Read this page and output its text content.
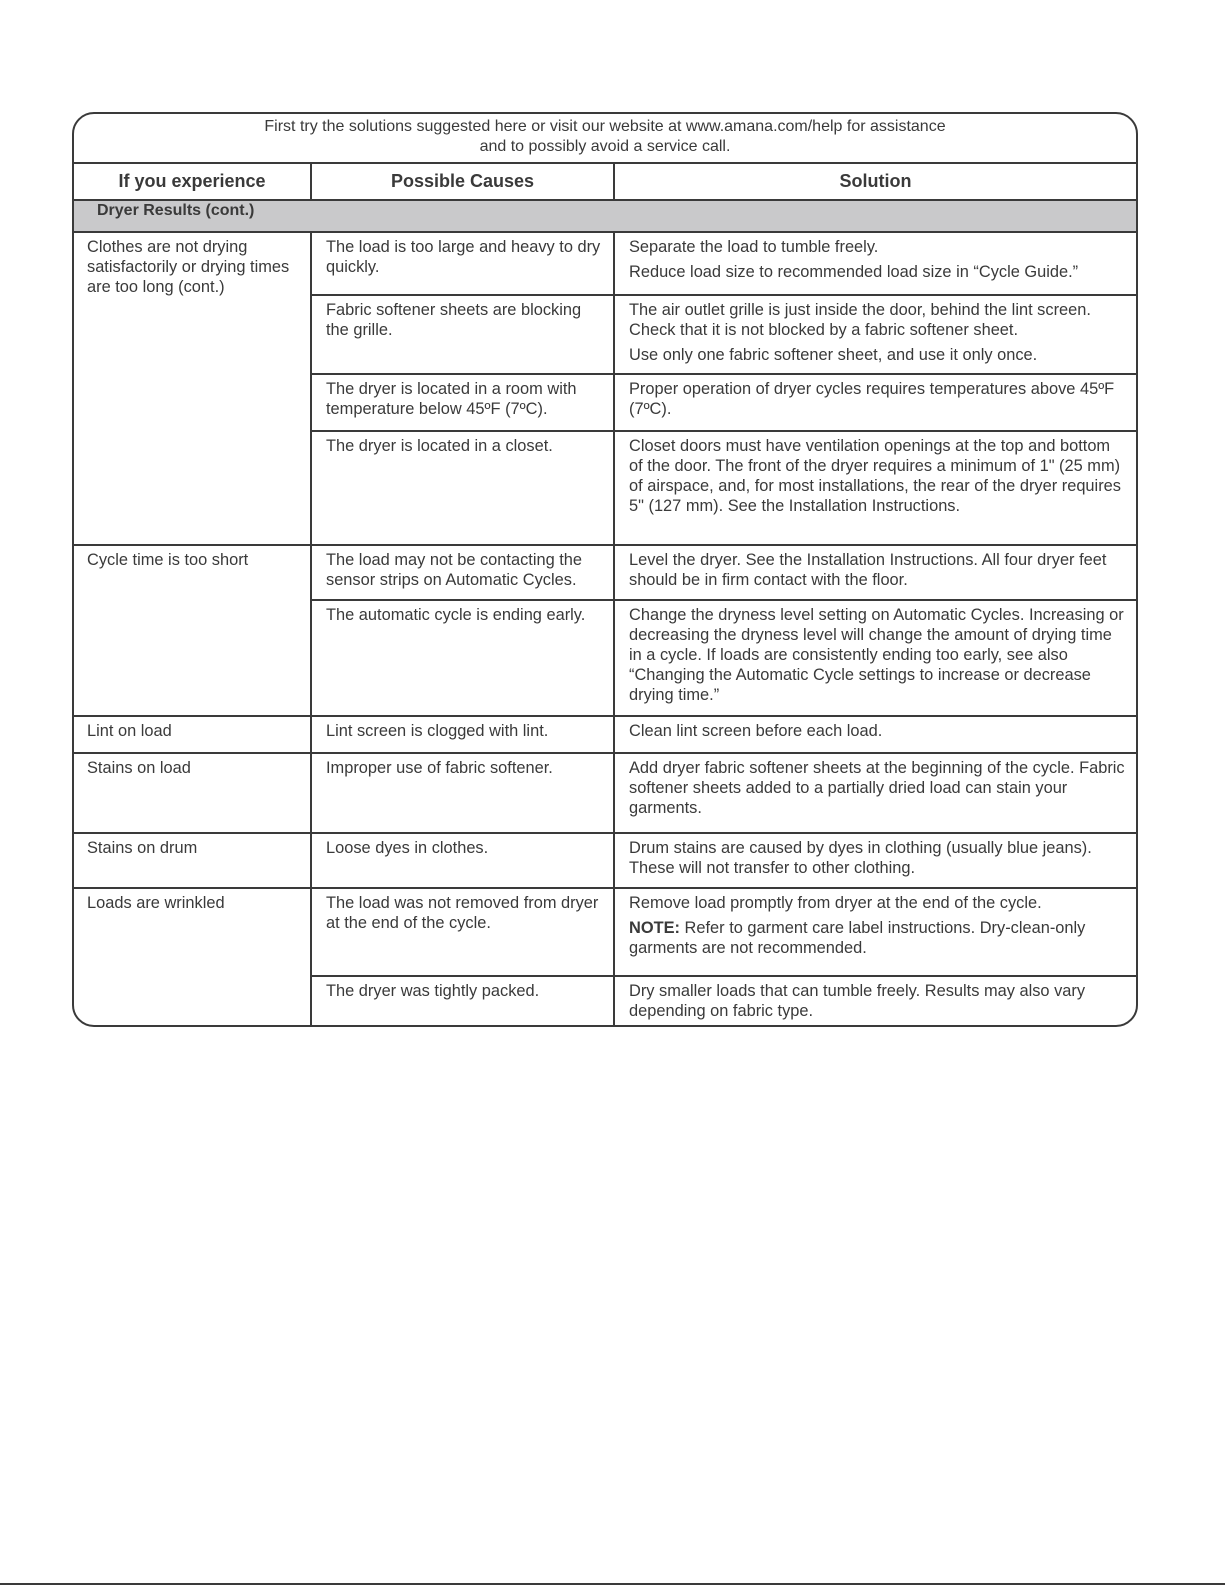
First try the solutions suggested here or visit our website at www.amana.com/help for assistance

and to possibly avoid a service call.

If you experience	Possible Causes	Solution
Dryer Results (cont.)		
Clothes are not drying satisfactorily or drying times are too long (cont.)	The load is too large and heavy to dry quickly.	Separate the load to tumble freely.

Reduce load size to recommended load size in “Cycle Guide.”

	Fabric softener sheets are blocking the grille.	The air outlet grille is just inside the door, behind the lint screen. Check that it is not blocked by a fabric softener sheet.

Use only one fabric softener sheet, and use it only once.

	The dryer is located in a room with temperature below 45ºF (7ºC).	Proper operation of dryer cycles requires temperatures above 45ºF (7ºC).

	The dryer is located in a closet.	Closet doors must have ventilation openings at the top and bottom of the door. The front of the dryer requires a minimum of 1" (25 mm) of airspace, and, for most installations, the rear of the dryer requires 5" (127 mm). See the Installation Instructions.

Cycle time is too short	The load may not be contacting the sensor strips on Automatic Cycles.	Level the dryer. See the Installation Instructions. All four dryer feet should be in firm contact with the floor.

	The automatic cycle is ending early.	Change the dryness level setting on Automatic Cycles. Increasing or decreasing the dryness level will change the amount of drying time in a cycle. If loads are consistently ending too early, see also “Changing the Automatic Cycle settings to increase or decrease drying time.”

Lint on load	Lint screen is clogged with lint.	Clean lint screen before each load.

Stains on load	Improper use of fabric softener.	Add dryer fabric softener sheets at the beginning of the cycle. Fabric softener sheets added to a partially dried load can stain your garments.

Stains on drum	Loose dyes in clothes.	Drum stains are caused by dyes in clothing (usually blue jeans). These will not transfer to other clothing.

Loads are wrinkled	The load was not removed from dryer at the end of the cycle.	Remove load promptly from dryer at the end of the cycle.

NOTE: Refer to garment care label instructions. Dry-clean-only garments are not recommended.

	The dryer was tightly packed.	Dry smaller loads that can tumble freely. Results may also vary depending on fabric type.
